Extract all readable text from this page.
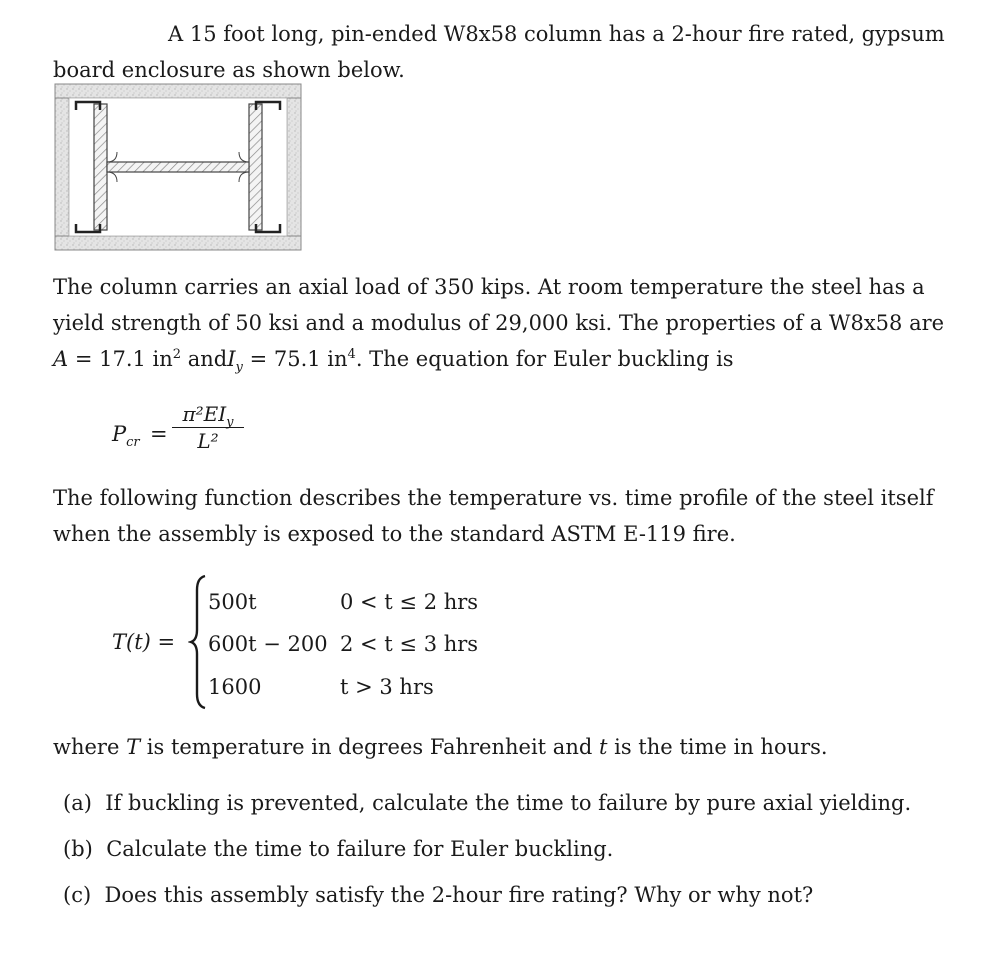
A 15 foot long, pin-ended W8x58 column has a 2-hour fire rated, gypsum
board enclosure as shown below.
The column carries an axial load of 350 kips. At room temperature the steel has a
yield strength of 50 ksi and a modulus of 29,000 ksi. The properties of a W8x58 are
A = 17.1 $in^2$ andI$_y$ = 75.1 $in^4$. The equation for Euler buckling is
$P_{cr}$ =
$\pi^2EI_y$
L²
The following function describes the temperature vs. time profile of the steel itself
when the assembly is exposed to the standard ASTM E-119 fire.
T(t) =
500t	0 < t ≤ 2 hrs
600t − 200 2 < t ≤ 3 hrs
1600	t > 3 hrs
where T is temperature in degrees Fahrenheit and t is the time in hours.
(a) If buckling is prevented, calculate the time to failure by pure axial yielding.
(b) Calculate the time to failure for Euler buckling.
(c) Does this assembly satisfy the 2-hour fire rating? Why or why not?
